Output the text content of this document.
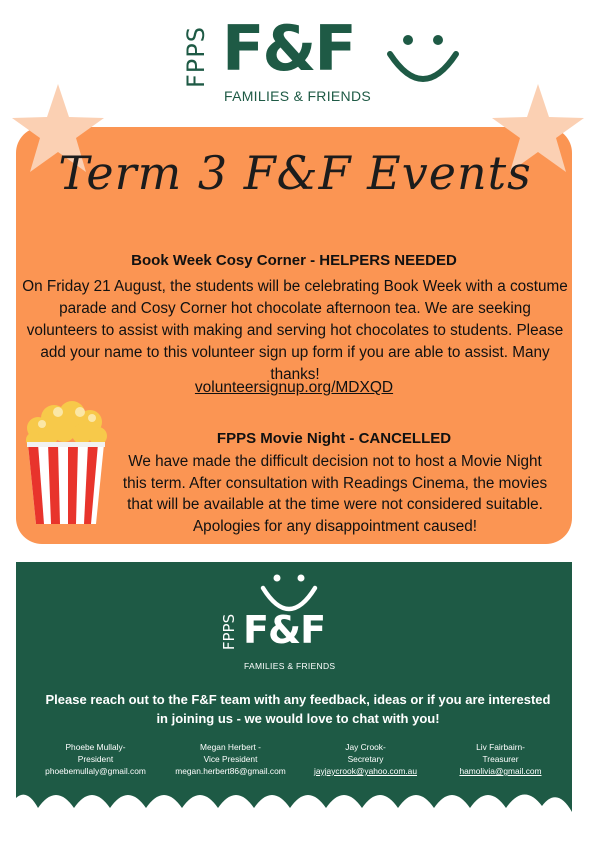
FPPS F&F
FAMILIES & FRIENDS
Term 3 F&F Events
Book Week Cosy Corner - HELPERS NEEDED
On Friday 21 August, the students will be celebrating Book Week with a costume parade and Cosy Corner hot chocolate afternoon tea. We are seeking volunteers to assist with making and serving hot chocolates to students. Please add your name to this volunteer sign up form if you are able to assist. Many thanks!
volunteersignup.org/MDXQD
FPPS Movie Night - CANCELLED
We have made the difficult decision not to host a Movie Night this term. After consultation with Readings Cinema, the movies that will be available at the time were not considered suitable. Apologies for any disappointment caused!
FPPS F&F
FAMILIES & FRIENDS
Please reach out to the F&F team with any feedback, ideas or if you are interested in joining us - we would love to chat with you!
Phoebe Mullaly-
President
phoebemullaly@gmail.com
Megan Herbert -
Vice President
megan.herbert86@gmail.com
Jay Crook-
Secretary
jayjaycrook@yahoo.com.au
Liv Fairbairn-
Treasurer
hamolivia@gmail.com
